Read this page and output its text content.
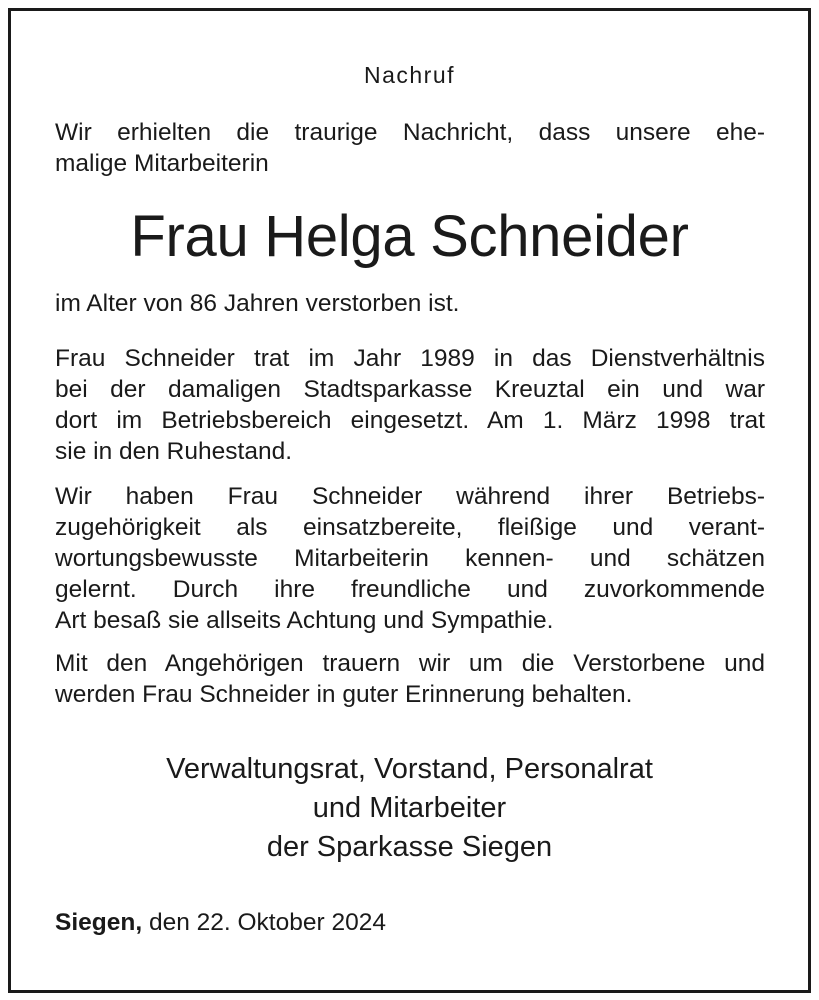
Nachruf
Wir erhielten die traurige Nachricht, dass unsere ehe-
malige Mitarbeiterin
Frau Helga Schneider
im Alter von 86 Jahren verstorben ist.
Frau Schneider trat im Jahr 1989 in das Dienstverhältnis
bei der damaligen Stadtsparkasse Kreuztal ein und war
dort im Betriebsbereich eingesetzt. Am 1. März 1998 trat
sie in den Ruhestand.
Wir haben Frau Schneider während ihrer Betriebs-
zugehörigkeit als einsatzbereite, fleißige und verant-
wortungsbewusste Mitarbeiterin kennen- und schätzen
gelernt. Durch ihre freundliche und zuvorkommende
Art besaß sie allseits Achtung und Sympathie.
Mit den Angehörigen trauern wir um die Verstorbene und
werden Frau Schneider in guter Erinnerung behalten.
Verwaltungsrat, Vorstand, Personalrat
und Mitarbeiter
der Sparkasse Siegen
Siegen, den 22. Oktober 2024
